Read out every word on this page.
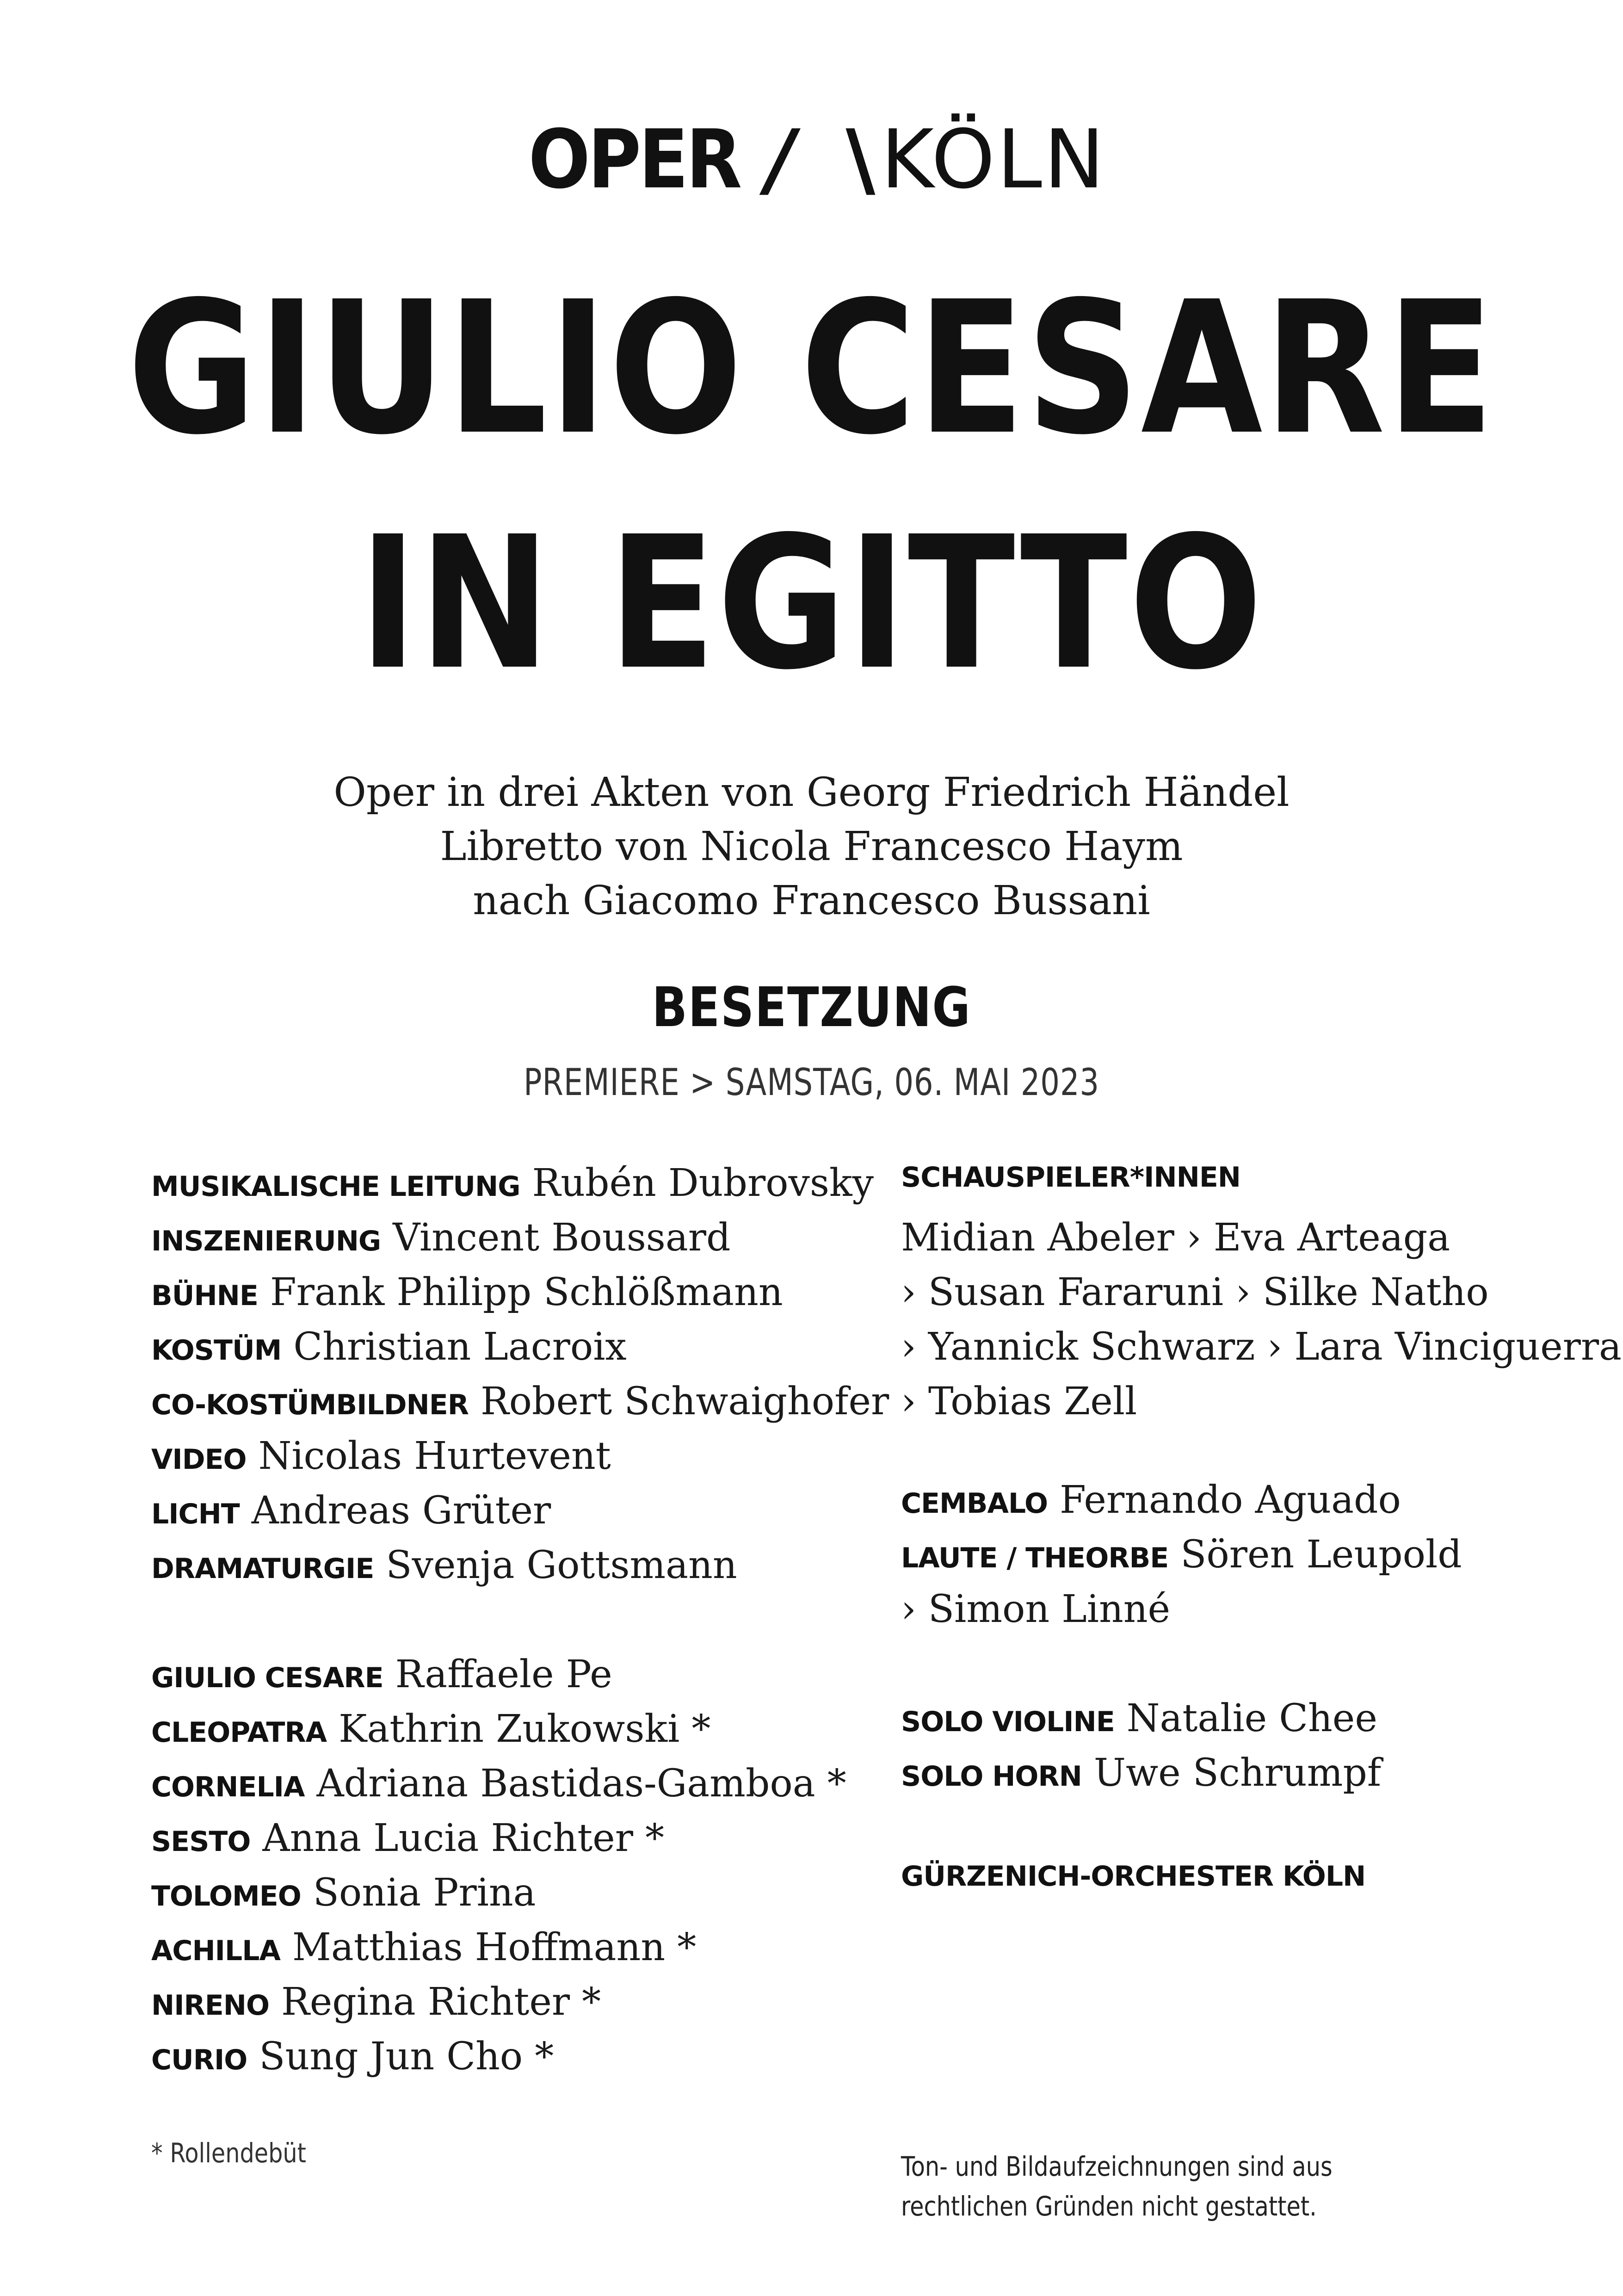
OPER / \KÖLN
GIULIO CESARE
IN EGITTO
Oper in drei Akten von Georg Friedrich Händel
Libretto von Nicola Francesco Haym
nach Giacomo Francesco Bussani
BESETZUNG
PREMIERE > SAMSTAG, 06. MAI 2023
MUSIKALISCHE LEITUNG Rubén Dubrovsky
INSZENIERUNG Vincent Boussard
BÜHNE Frank Philipp Schlößmann
KOSTÜM Christian Lacroix
CO-KOSTÜMBILDNER Robert Schwaighofer
VIDEO Nicolas Hurtevent
LICHT Andreas Grüter
DRAMATURGIE Svenja Gottsmann
GIULIO CESARE Raffaele Pe
CLEOPATRA Kathrin Zukowski *
CORNELIA Adriana Bastidas-Gamboa *
SESTO Anna Lucia Richter *
TOLOMEO Sonia Prina
ACHILLA Matthias Hoffmann *
NIRENO Regina Richter *
CURIO Sung Jun Cho *
SCHAUSPIELER*INNEN
Midian Abeler › Eva Arteaga
› Susan Fararuni › Silke Natho
› Yannick Schwarz › Lara Vinciguerra
› Tobias Zell
CEMBALO Fernando Aguado
LAUTE / THEORBE Sören Leupold
› Simon Linné
SOLO VIOLINE Natalie Chee
SOLO HORN Uwe Schrumpf
GÜRZENICH-ORCHESTER KÖLN
* Rollendebüt	Ton- und Bildaufzeichnungen sind aus
rechtlichen Gründen nicht gestattet.
